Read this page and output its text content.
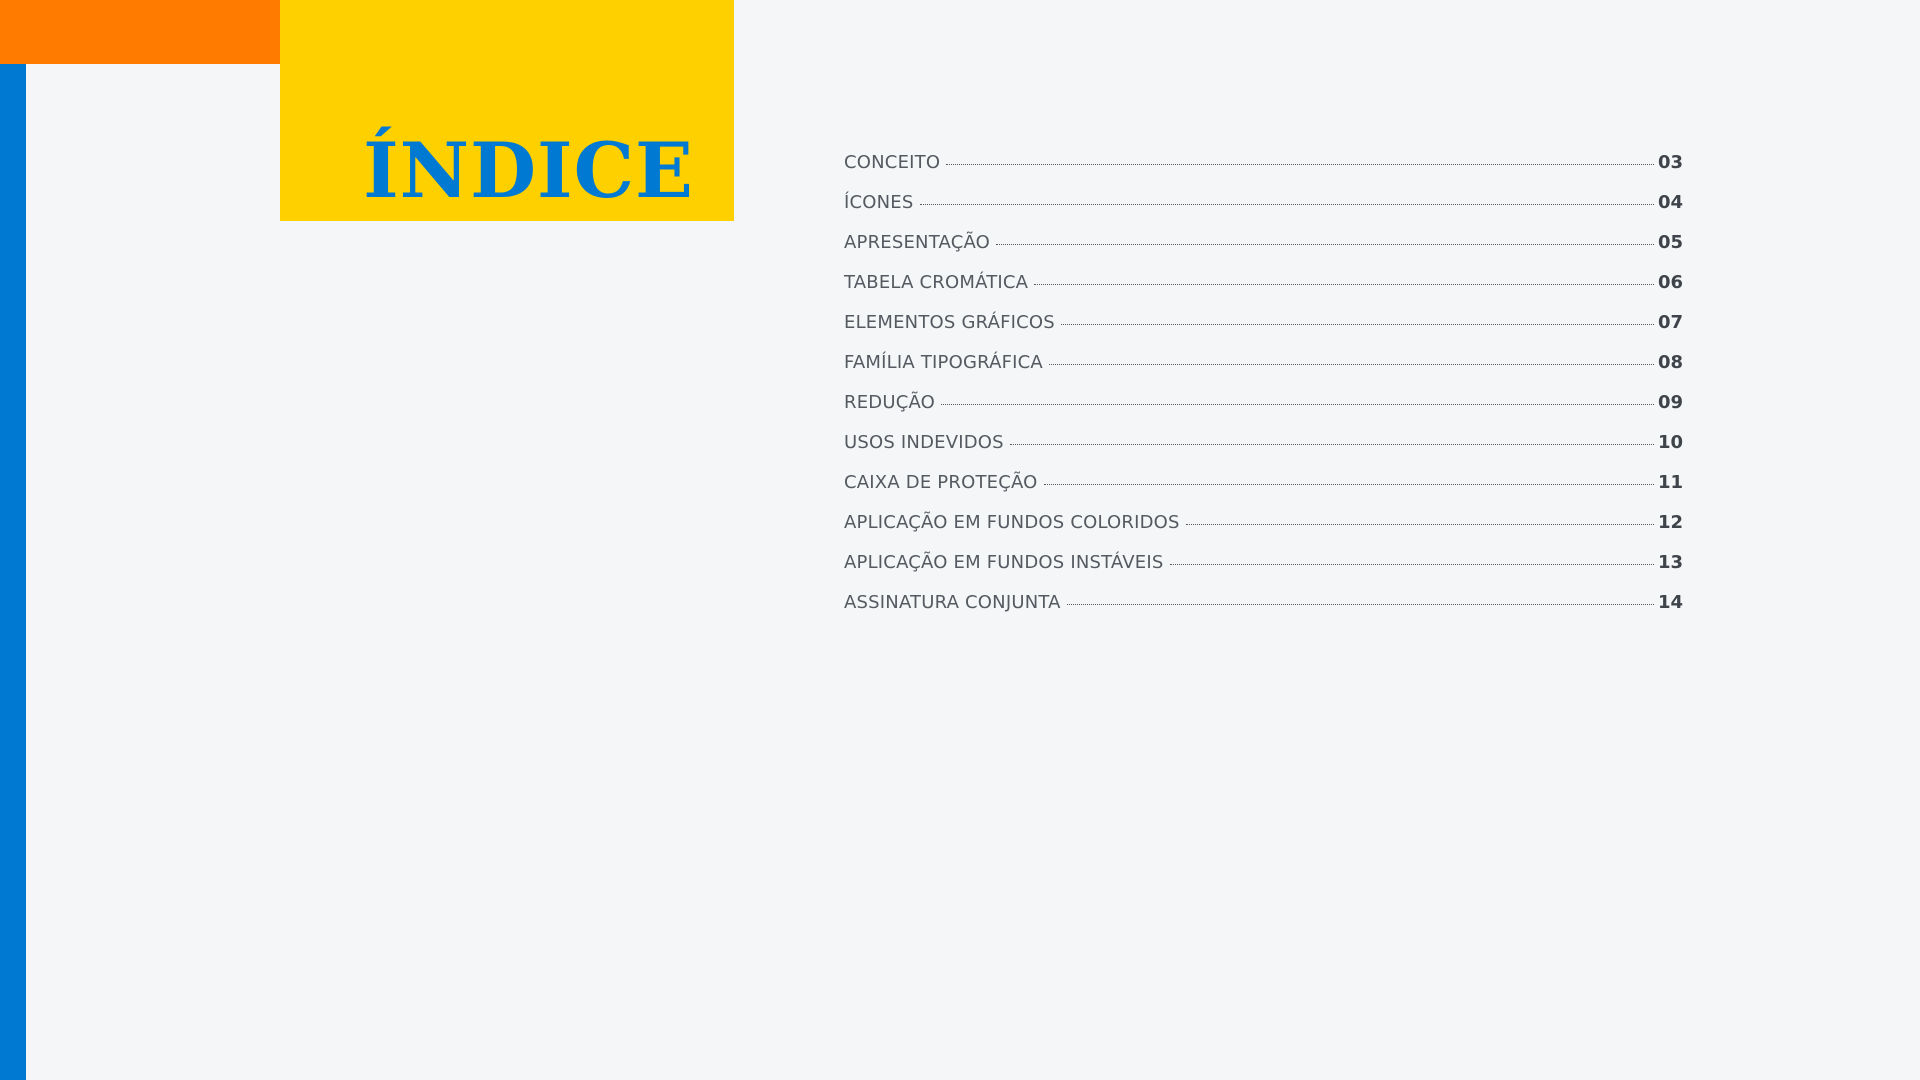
ÍNDICE	CONCEITO	03
ÍCONES	04
APRESENTAÇÃO	05
TABELA CROMÁTICA	06
ELEMENTOS GRÁFICOS	07
FAMÍLIA TIPOGRÁFICA	08
REDUÇÃO	09
USOS INDEVIDOS	10
CAIXA DE PROTEÇÃO	11
APLICAÇÃO EM FUNDOS COLORIDOS	12
APLICAÇÃO EM FUNDOS INSTÁVEIS	13
ASSINATURA CONJUNTA	14
